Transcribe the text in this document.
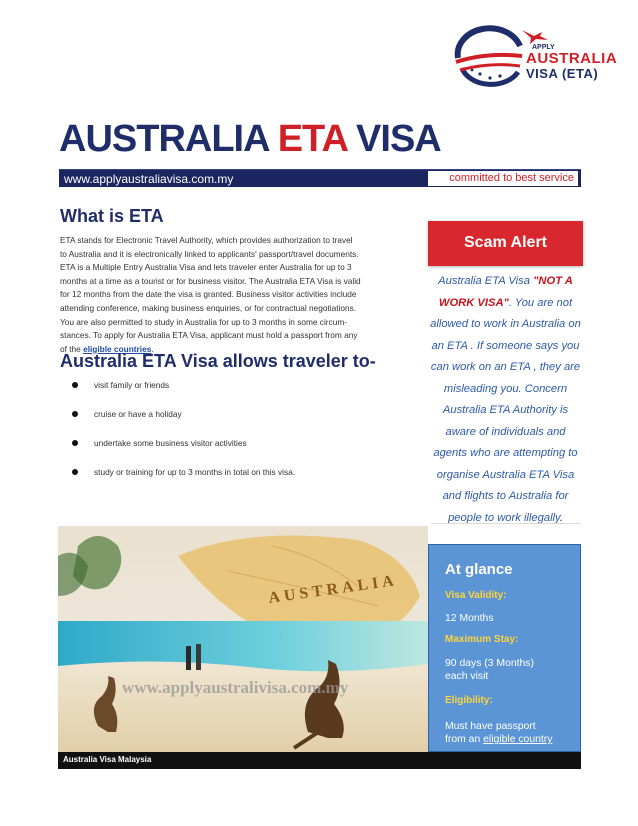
APPLY
AUSTRALIA
VISA (ETA)
AUSTRALIA ETA VISA
www.applyaustraliavisa.com.my	committed to best service
What is ETA
ETA stands for Electronic Travel Authority, which provides authorization to travel
to Australia and it is electronically linked to applicants' passport/travel documents.
ETA is a Multiple Entry Australia Visa and lets traveler enter Australia for up to 3
months at a time as a tourist or for business visitor. The Australia ETA Visa is valid
for 12 months from the date the visa is granted. Business visitor activities include
attending conference, making business enquiries, or for contractual negotiations.
You are also permitted to study in Australia for up to 3 months in some circum-
stances. To apply for Australia ETA Visa, applicant must hold a passport from any
of the eligible countries.
Australia ETA Visa allows traveler to-
visit family or friends
cruise or have a holiday
undertake some business visitor activities
study or training for up to 3 months in total on this visa.
Scam Alert
Australia ETA Visa "NOT A WORK VISA". You are not allowed to work in Australia on an ETA . If someone says you can work on an ETA , they are misleading you. Concern Australia ETA Authority is aware of individuals and agents who are attempting to organise Australia ETA Visa and flights to Australia for people to work illegally.
AUSTRALIA
www.applyaustralivisa.com.my
Australia Visa Malaysia
At glance
Visa Validity:
12 Months
Maximum Stay:
90 days (3 Months)
each visit
Eligibility:
Must have passport
from an eligible country
